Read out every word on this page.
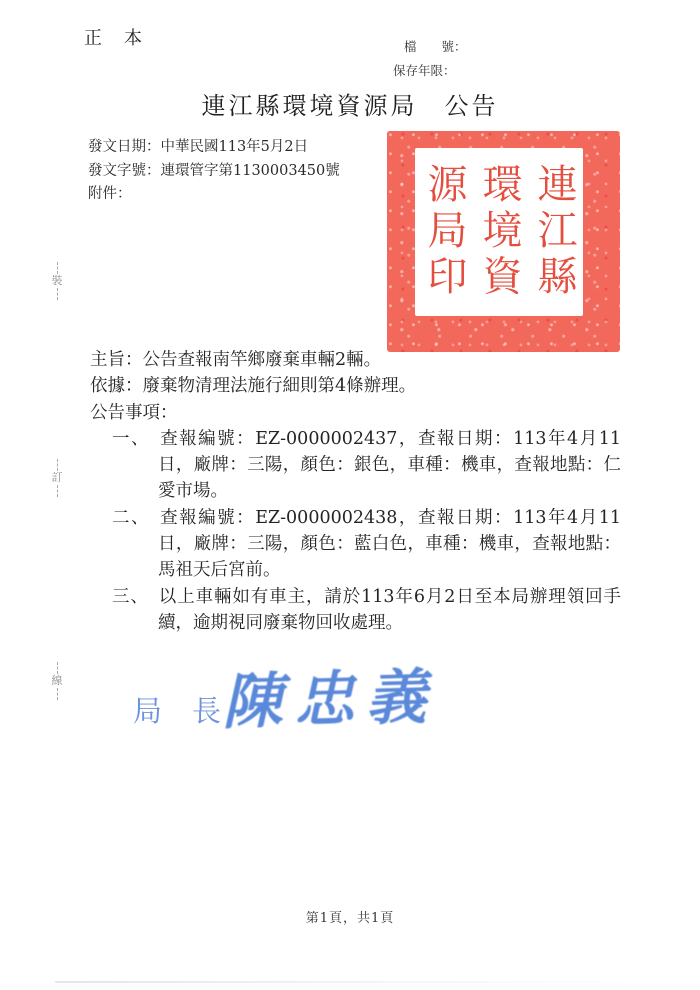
正　本	檔　　號：
保存年限：
連江縣環境資源局　公告
發文日期：中華民國113年5月2日
發文字號：連環管字第1130003450號
附件：	連江縣
環境資
源局印

主旨：公告查報南竿鄉廢棄車輛2輛。

依據：廢棄物清理法施行細則第4條辦理。

公告事項：

一、 查報編號：EZ-0000002437，查報日期：113年4月11日，廠牌：三陽，顏色：銀色，車種：機車，查報地點：仁愛市場。

二、 查報編號：EZ-0000002438，查報日期：113年4月11日，廠牌：三陽，顏色：藍白色，車種：機車，查報地點：馬祖天后宮前。

三、 以上車輛如有車主，請於113年6月2日至本局辦理領回手續，逾期視同廢棄物回收處理。

局 長 陳忠義
裝
訂
線
第1頁，共1頁
